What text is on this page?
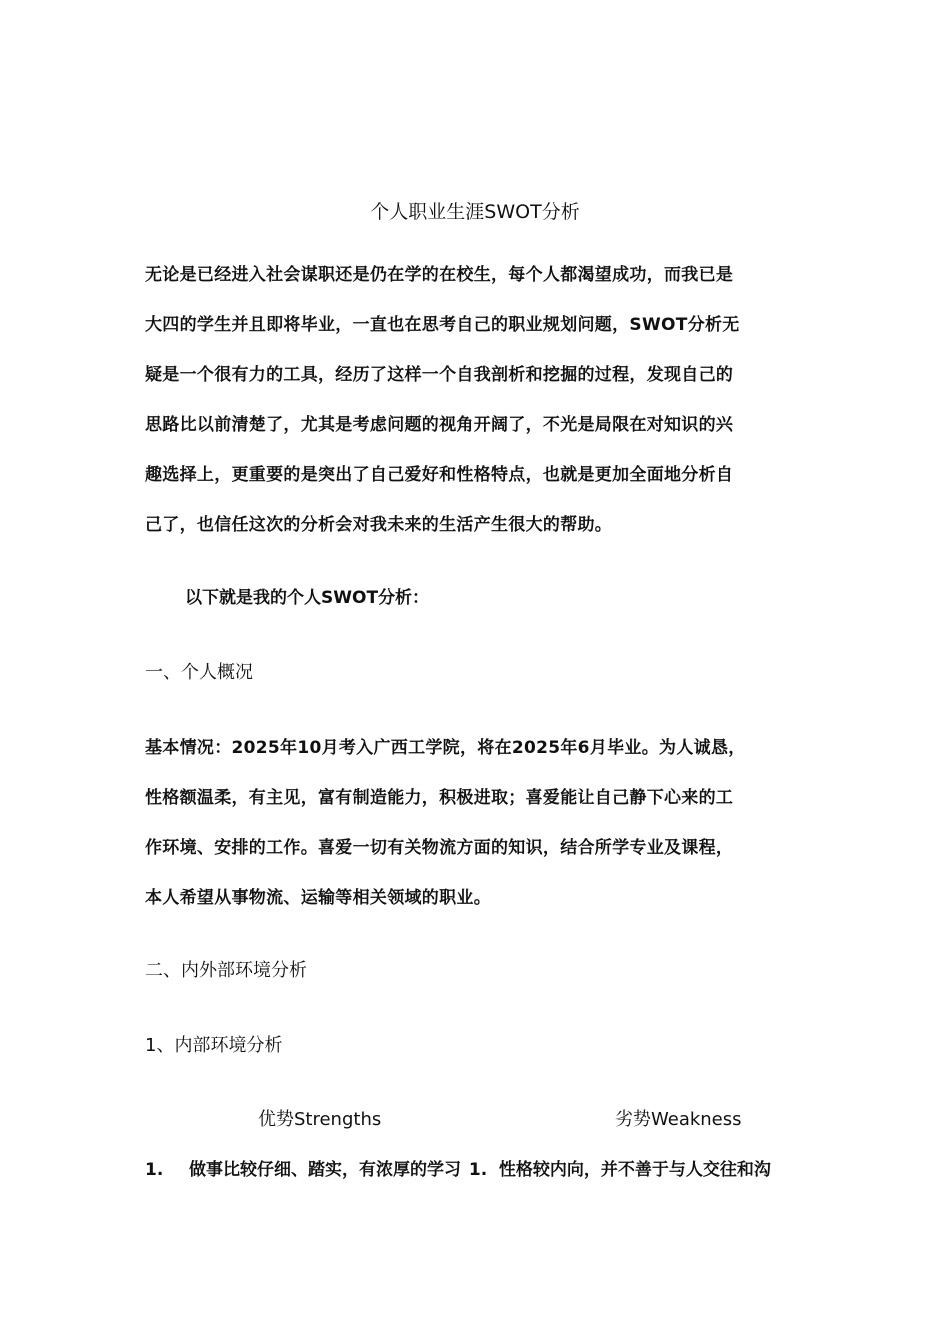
个人职业生涯SWOT分析

无论是已经进入社会谋职还是仍在学的在校生，每个人都渴望成功，而我已是
大四的学生并且即将毕业，一直也在思考自己的职业规划问题，SWOT分析无
疑是一个很有力的工具，经历了这样一个自我剖析和挖掘的过程，发现自己的
思路比以前清楚了，尤其是考虑问题的视角开阔了，不光是局限在对知识的兴
趣选择上，更重要的是突出了自己爱好和性格特点，也就是更加全面地分析自
己了，也信任这次的分析会对我未来的生活产生很大的帮助。

以下就是我的个人SWOT分析：

一、个人概况

基本情况：2025年10月考入广西工学院，将在2025年6月毕业。为人诚恳，
性格额温柔，有主见，富有制造能力，积极进取；喜爱能让自己静下心来的工
作环境、安排的工作。喜爱一切有关物流方面的知识，结合所学专业及课程，
本人希望从事物流、运输等相关领域的职业。

二、内外部环境分析
1、内部环境分析
优势Strengths	劣势Weakness
1. 做事比较仔细、踏实，有浓厚的学习 1. 性格较内向，并不善于与人交往和沟
